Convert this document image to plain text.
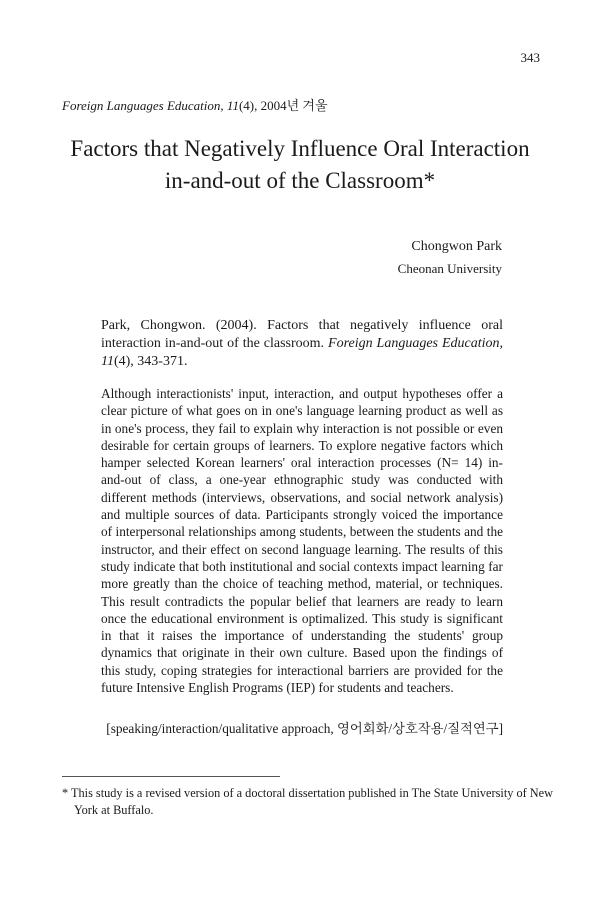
343
Foreign Languages Education, 11(4), 2004년 겨울
Factors that Negatively Influence Oral Interaction
in-and-out of the Classroom*
Chongwon Park
Cheonan University

Park, Chongwon. (2004). Factors that negatively influence oral interaction in-and-out of the classroom. Foreign Languages Education, 11(4), 343-371.

Although interactionists' input, interaction, and output hypotheses offer a clear picture of what goes on in one's language learning product as well as in one's process, they fail to explain why interaction is not possible or even desirable for certain groups of learners. To explore negative factors which hamper selected Korean learners' oral interaction processes (N= 14) in-and-out of class, a one-year ethnographic study was conducted with different methods (interviews, observations, and social network analysis) and multiple sources of data. Participants strongly voiced the importance of interpersonal relationships among students, between the students and the instructor, and their effect on second language learning. The results of this study indicate that both institutional and social contexts impact learning far more greatly than the choice of teaching method, material, or techniques. This result contradicts the popular belief that learners are ready to learn once the educational environment is optimalized. This study is significant in that it raises the importance of understanding the students' group dynamics that originate in their own culture. Based upon the findings of this study, coping strategies for interactional barriers are provided for the future Intensive English Programs (IEP) for students and teachers.

[speaking/interaction/qualitative approach, 영어회화/상호작용/질적연구]

* This study is a revised version of a doctoral dissertation published in The State University of New York at Buffalo.
